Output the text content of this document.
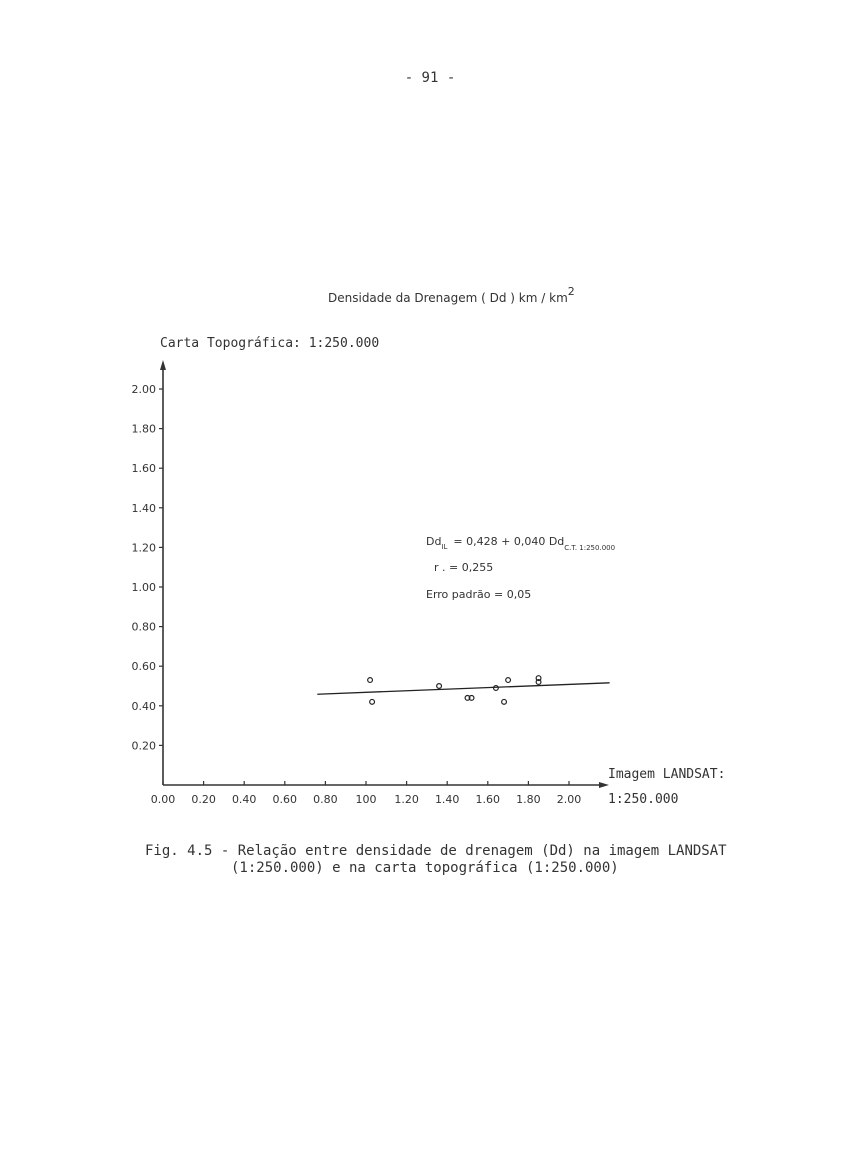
- 91 -
Densidade da Drenagem ( Dd ) km / km2
Carta Topográfica: 1:250.000
Imagem LANDSAT:
1:250.000
0.00 0.20 0.40 0.60 0.80 100 1.20 1.40 1.60 1.80 2.00
0.20
0.40
0.60
0.80
1.00
1.20
1.40
1.60
1.80
2.00
$Dd_{IL} = 0,428 + 0,040$ $Dd_{C.T. 1:250.000}$
r . = 0,255
Erro padrão = 0,05
Fig. 4.5 - Relação entre densidade de drenagem (Dd) na imagem LANDSAT
(1:250.000) e na carta topográfica (1:250.000)
